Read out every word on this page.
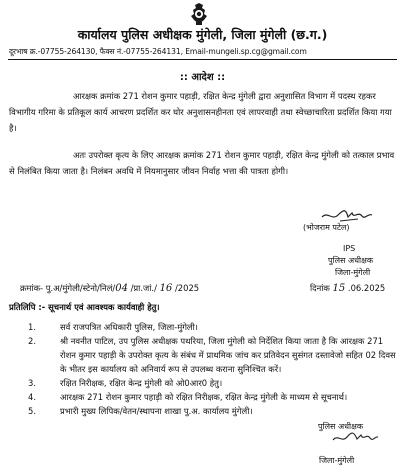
कार्यालय पुलिस अधीक्षक मुंगेली, जिला मुंगेली (छ.ग.)
दूरभाष क्र.-07755-264130, फैक्स नं.-07755-264131, Email-mungeli.sp.cg@gmail.com
:: आदेश ::
आरक्षक क्रमांक 271 रोशन कुमार पहाड़ी, रक्षित केन्द्र मुंगेली द्वारा अनुशासित विभाग में पदस्थ रहकर विभागीय गरिमा के प्रतिकूल कार्य आचरण प्रदर्शित कर घोर अनुशासनहीनता एवं लापरवाही तथा स्वेच्छाचारिता प्रदर्शित किया गया है।
अतः उपरोक्त कृत्य के लिए आरक्षक क्रमांक 271 रोशन कुमार पहाड़ी, रक्षित केन्द्र मुंगेली को तत्काल प्रभाव से निलंबित किया जाता है। निलंबन अवधि में नियमानुसार जीवन निर्वाह भत्ता की पात्रता होगी।
(भोजराम पटेल)
IPS
पुलिस अधीक्षक
जिला-मुंगेली
क्रमांक- पु.अ/मुंगेली/स्टेनो/निलं/04 /प्रा.जां./ 16 /2025	दिनांक 15 .06.2025
प्रतिलिपि :- सूचनार्थ एवं आवश्यक कार्यवाही हेतु।
1.	सर्व राजपत्रित अधिकारी पुलिस, जिला-मुंगेली।
2.	श्री नवनीत पाटिल, उप पुलिस अधीक्षक पथरिया, जिला मुंगेली को निर्देशित किया जाता है कि आरक्षक 271 रोशन कुमार पहाड़ी के उपरोक्त कृत्य के संबंध में प्राथमिक जांच कर प्रतिवेदन सुसंगत दस्तावेजो सहित 02 दिवस के भीतर इस कार्यालय को अनिवार्य रूप से उपलब्ध कराना सुनिश्चित करें।
3.	रक्षित निरीक्षक, रक्षित केन्द्र मुंगेली को ओ0आर0 हेतु।
4.	आरक्षक 271 रोशन कुमार पहाड़ी को रक्षित निरीक्षक, रक्षित केन्द्र मुंगेली के माध्यम से सूचनार्थ।
5.	प्रभारी मुख्य लिपिक/वेतन/स्थापना शाखा पु.अ. कार्यालय मुंगेली।
पुलिस अधीक्षक
जिला-मुंगेली
